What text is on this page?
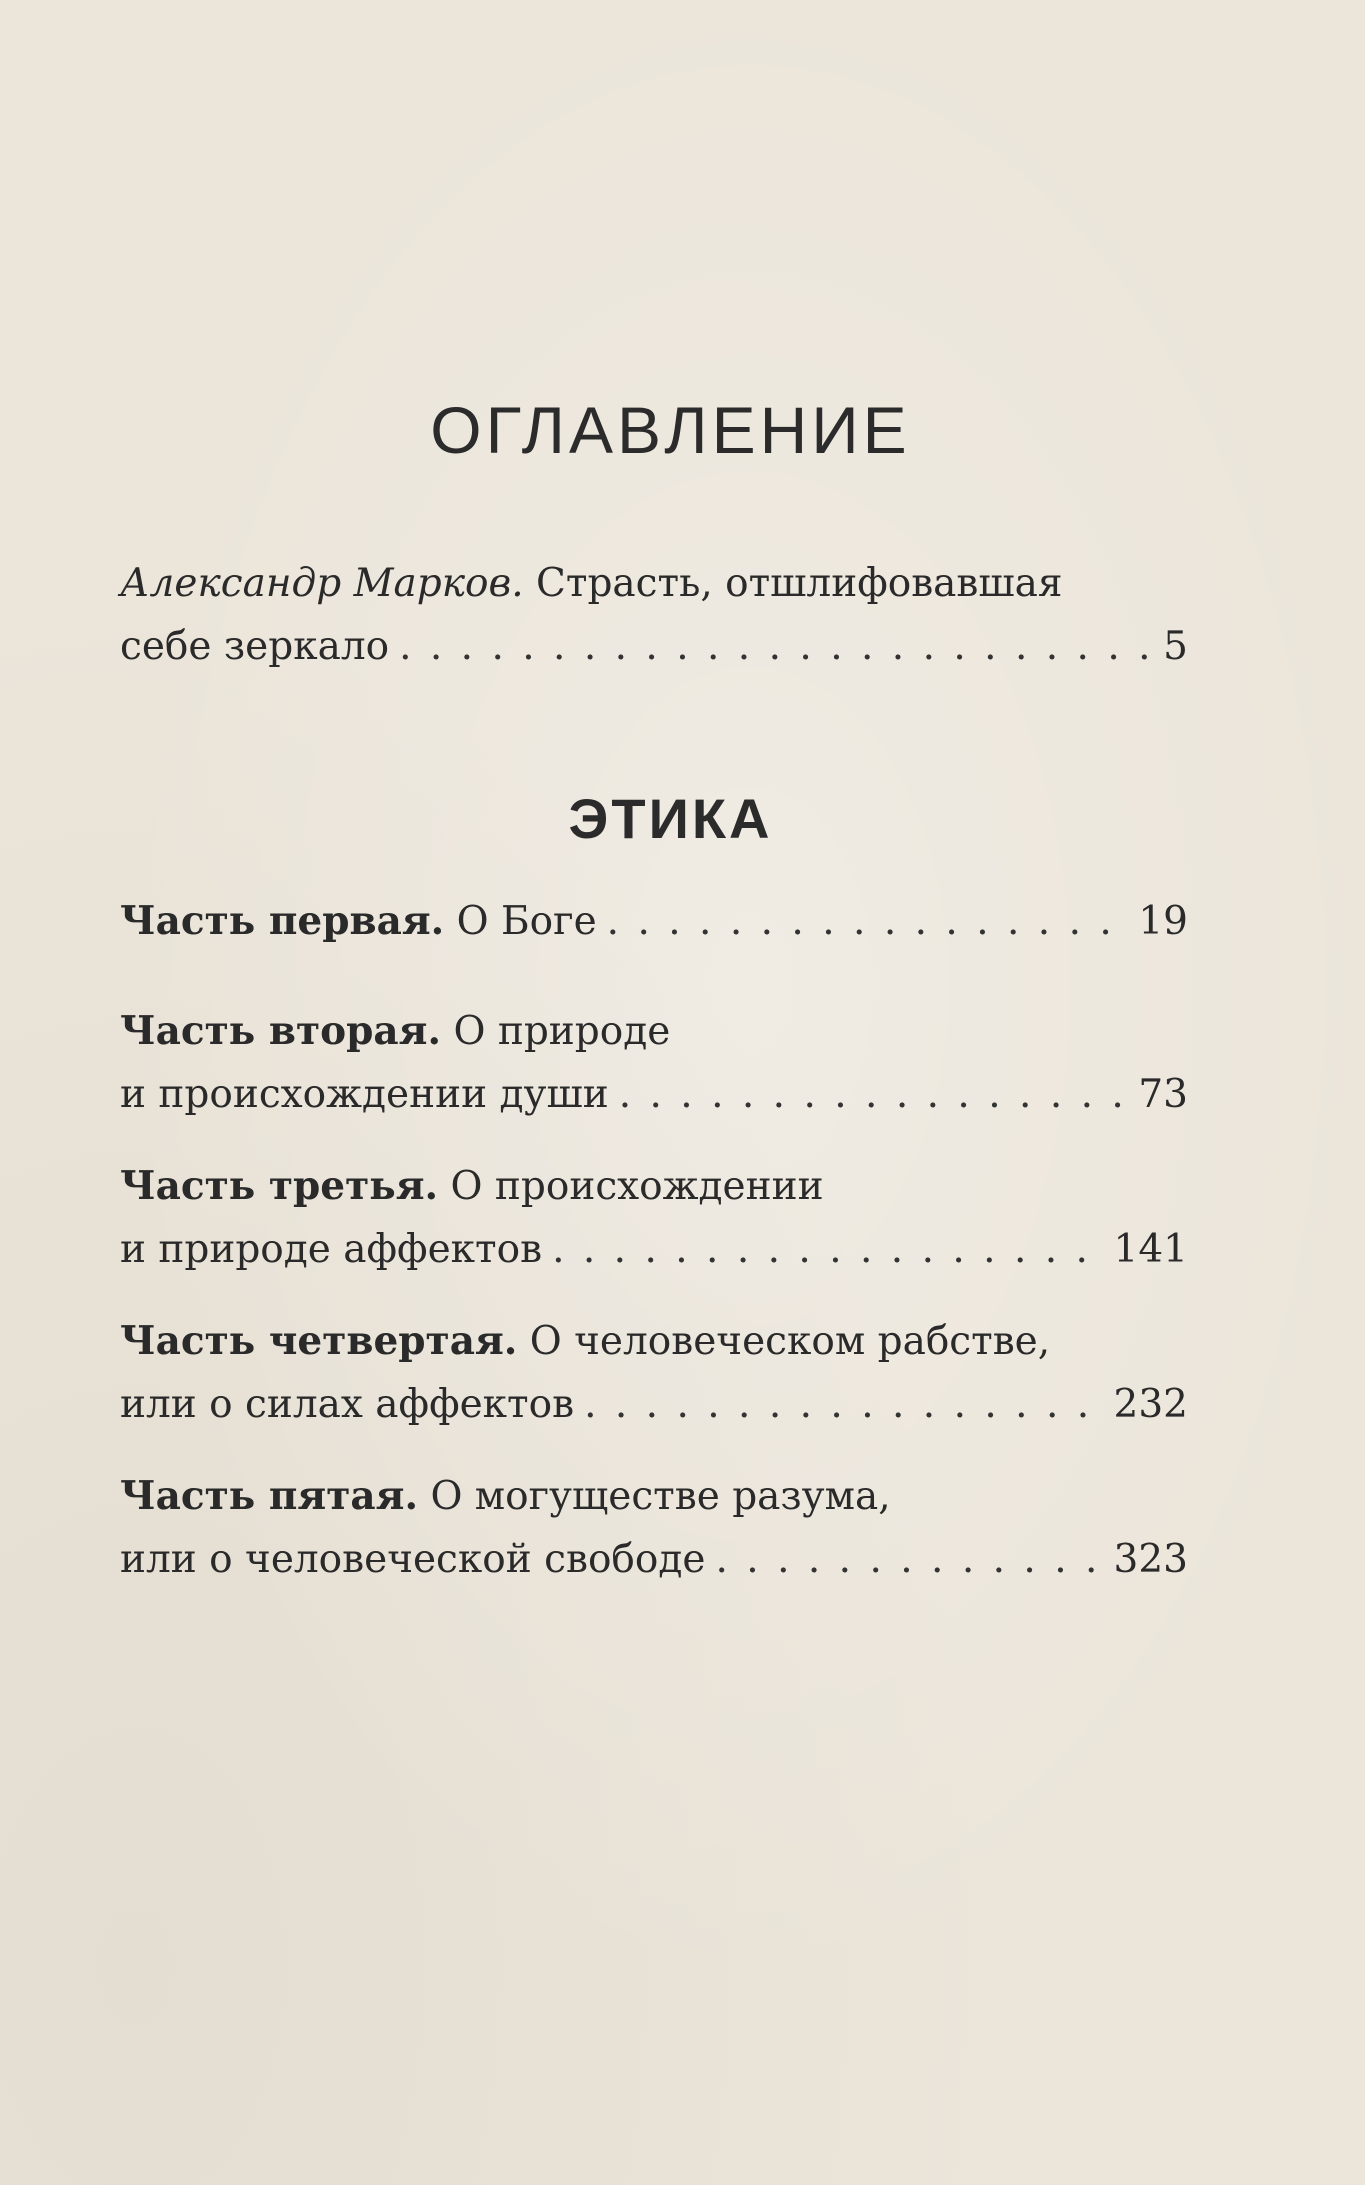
ОГЛАВЛЕНИЕ
Александр Марков.
Страсть, отшлифовавшая
себе зеркало . . .	5
ЭТИКА
Часть первая.
О Боге . . .	19
Часть вторая.
О природе
и происхождении души . . .	73
Часть третья.
О происхождении
и природе аффектов . . .	141
Часть четвертая.
О человеческом рабстве,
или о силах аффектов . . .	232
Часть пятая.
О могуществе разума,
или о человеческой свободе . . .	323
